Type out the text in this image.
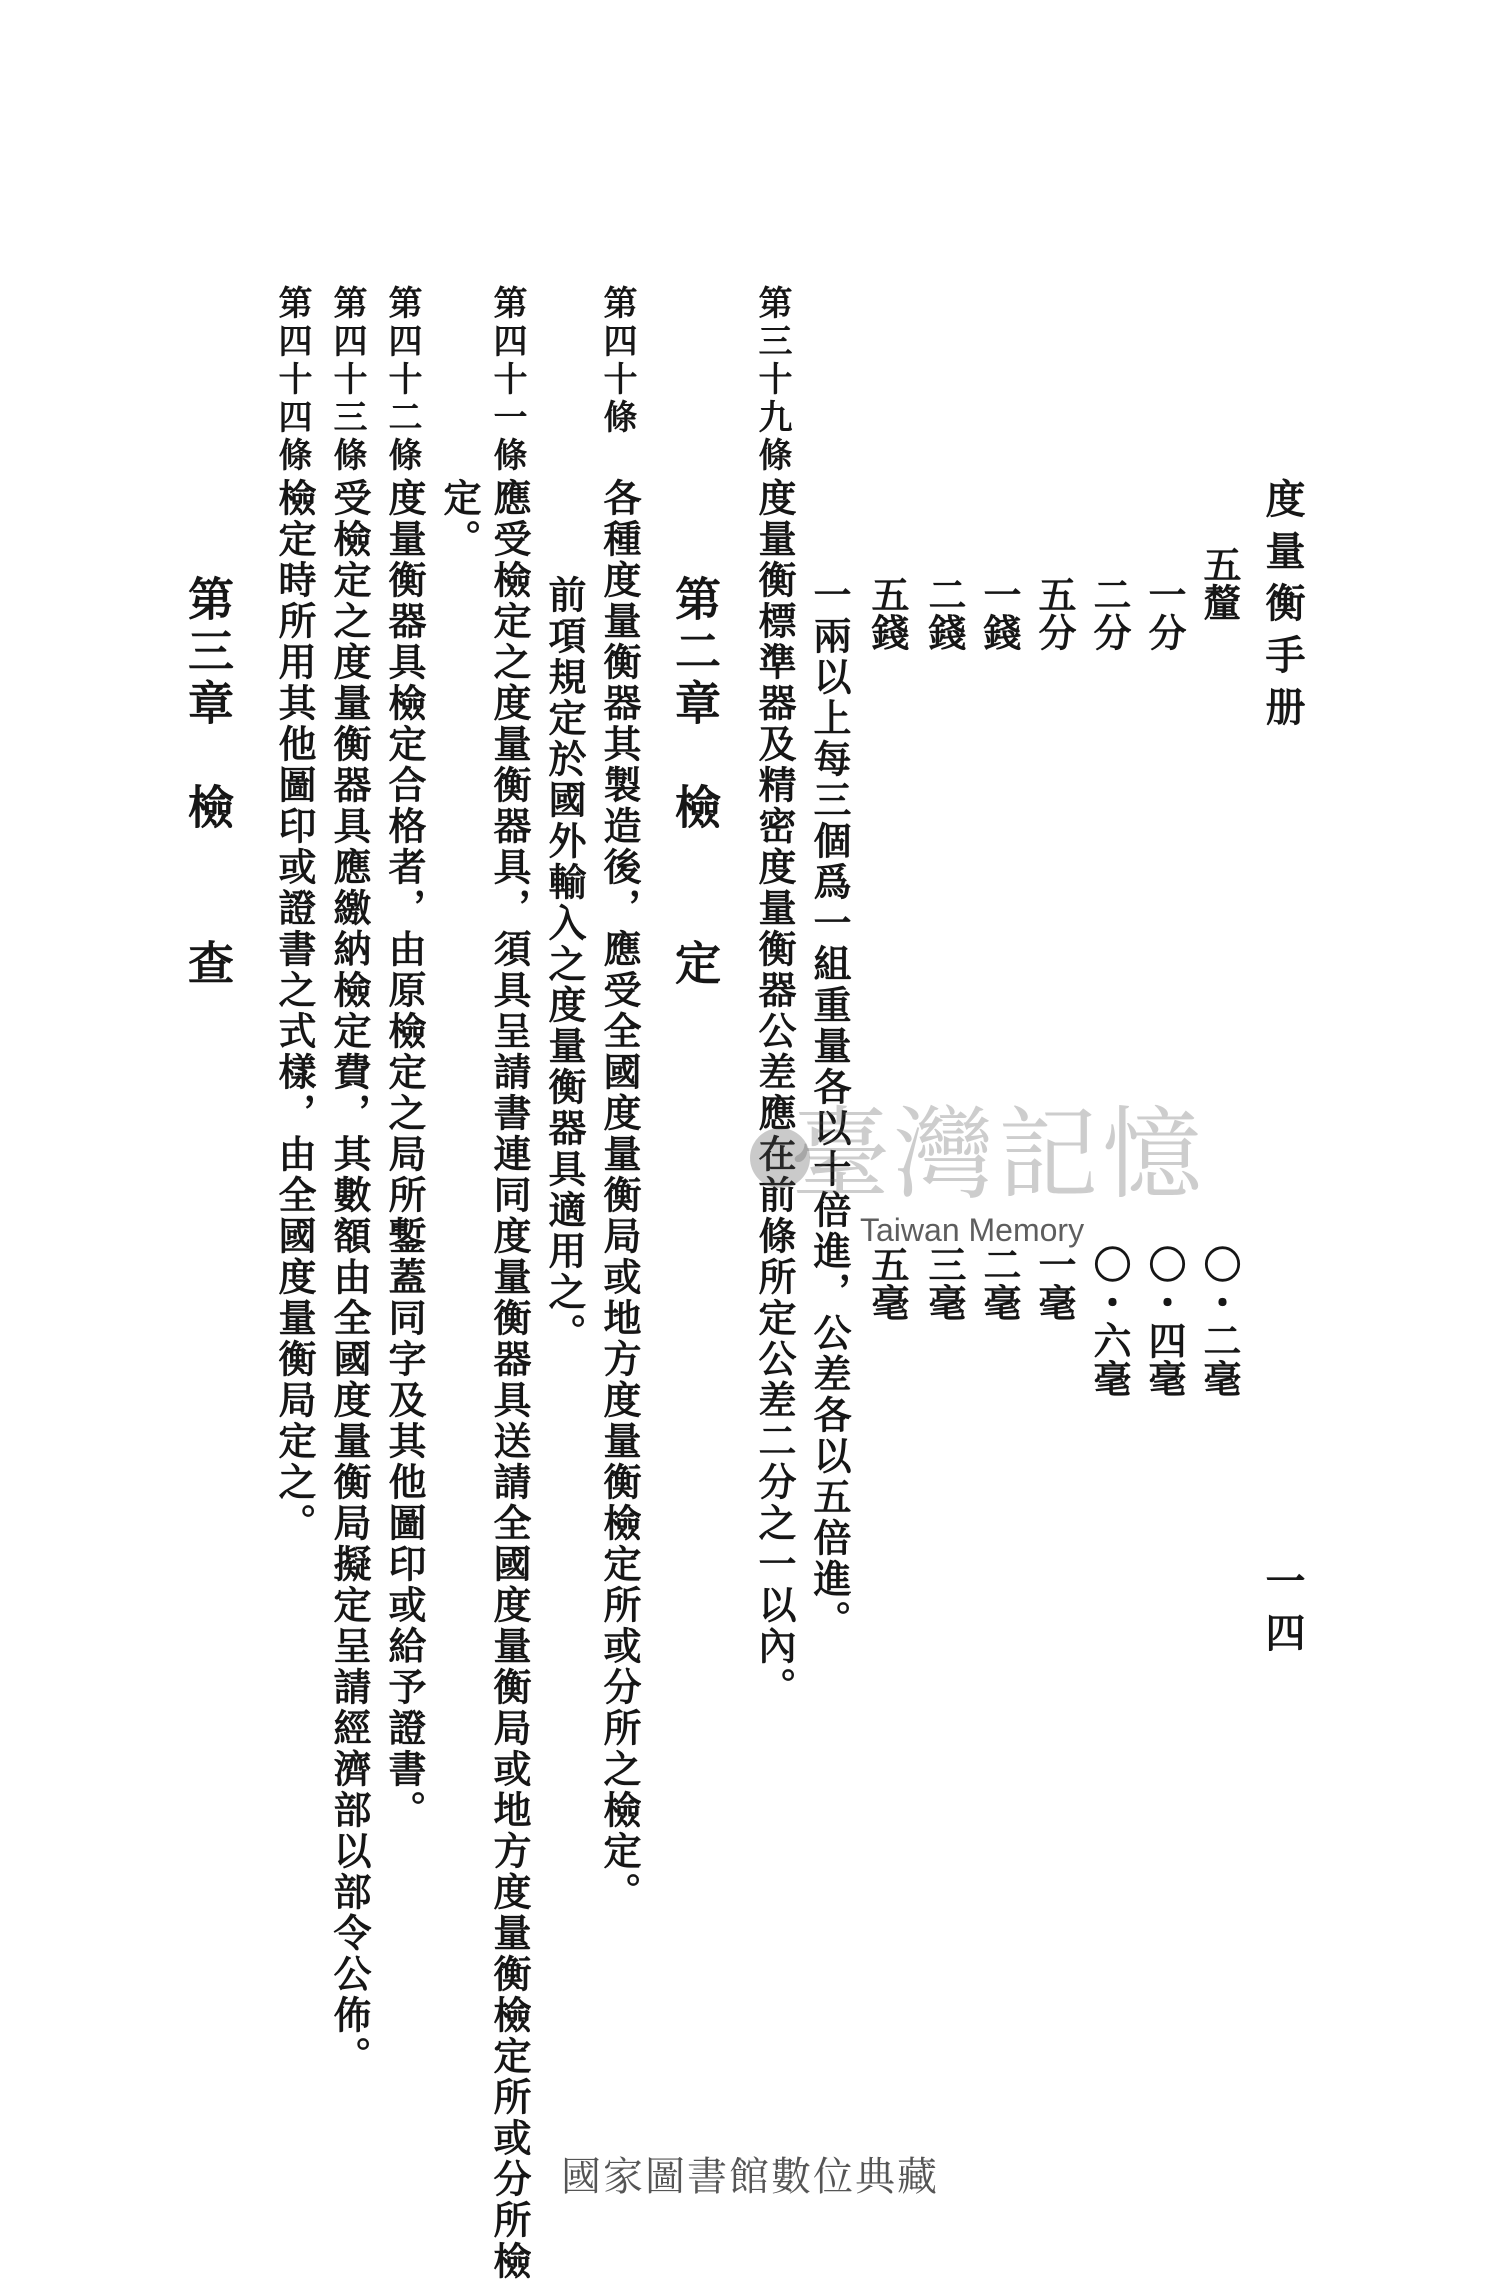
度量衡手册
一四
五釐
一分
二分
五分
一錢
二錢
五錢
〇・二毫
〇・四毫
〇・六毫
一毫
二毫
三毫
五毫
一兩以上每三個爲一組重量各以十倍進，公差各以五倍進。
第三十九條
度量衡標準器及精密度量衡器公差應在前條所定公差二分之一以內。
第二章　檢　　定
第四十條
各種度量衡器其製造後，應受全國度量衡局或地方度量衡檢定所或分所之檢定。
前項規定於國外輸入之度量衡器具適用之。
第四十一條
應受檢定之度量衡器具，須具呈請書連同度量衡器具送請全國度量衡局或地方度量衡檢定所或分所檢
定。
第四十二條
度量衡器具檢定合格者，由原檢定之局所鏨蓋同字及其他圖印或給予證書。
第四十三條
受檢定之度量衡器具應繳納檢定費，其數額由全國度量衡局擬定呈請經濟部以部令公佈。
第四十四條
檢定時所用其他圖印或證書之式樣，由全國度量衡局定之。
第三章　檢　　查
臺灣記憶
Taiwan Memory
國家圖書館數位典藏
